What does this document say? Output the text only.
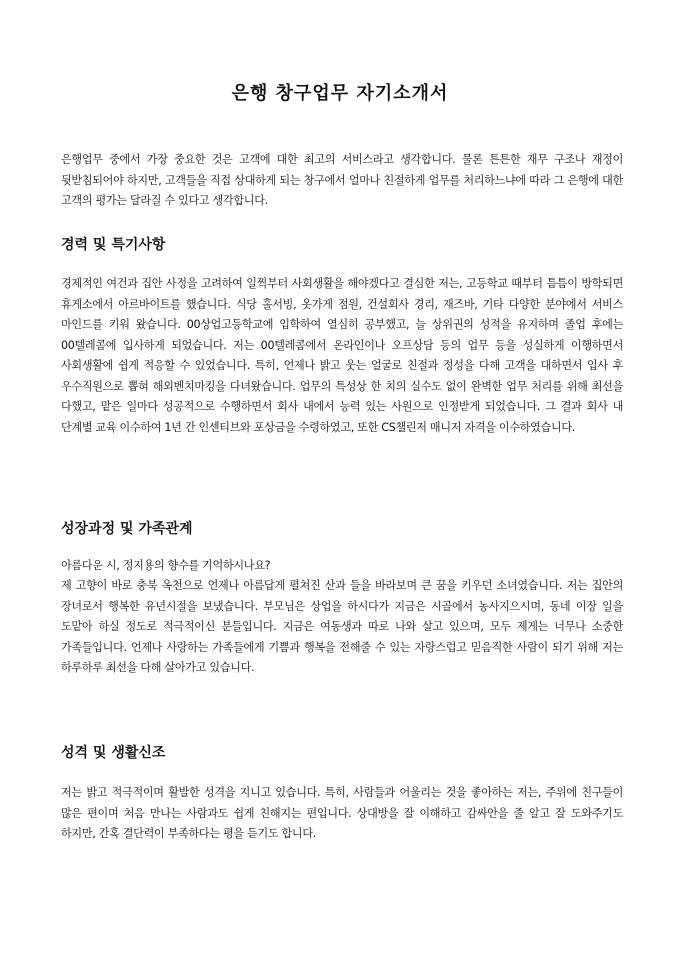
은행 창구업무 자기소개서

은행업무 중에서 가장 중요한 것은 고객에 대한 최고의 서비스라고 생각합니다. 물론 튼튼한 재무 구조나 재정이 뒷받침되어야 하지만, 고객들을 직접 상대하게 되는 창구에서 얼마나 친절하게 업무를 처리하느냐에 따라 그 은행에 대한 고객의 평가는 달라질 수 있다고 생각합니다.

경력 및 특기사항

경제적인 여건과 집안 사정을 고려하여 일찍부터 사회생활을 해야겠다고 결심한 저는, 고등학교 때부터 틈틈이 방학되면 휴게소에서 아르바이트를 했습니다. 식당 홀서빙, 옷가게 점원, 건설회사 경리, 재즈바, 기타 다양한 분야에서 서비스 마인드를 키워 왔습니다. 00상업고등학교에 입학하여 열심히 공부했고, 늘 상위권의 성적을 유지하며 졸업 후에는 00텔레콤에 입사하게 되었습니다. 저는 00텔레콤에서 온라인이나 오프상담 등의 업무 등을 성실하게 이행하면서 사회생활에 쉽게 적응할 수 있었습니다. 특히, 언제나 밝고 웃는 얼굴로 친절과 정성을 다해 고객을 대하면서 입사 후 우수직원으로 뽑혀 해외벤치마킹을 다녀왔습니다. 업무의 특성상 한 치의 실수도 없이 완벽한 업무 처리를 위해 최선을 다했고, 맡은 일마다 성공적으로 수행하면서 회사 내에서 능력 있는 사원으로 인정받게 되었습니다. 그 결과 회사 내 단계별 교육 이수하여 1년 간 인센티브와 포상금을 수령하였고, 또한 CS챌린저 매니저 자격을 이수하였습니다.

성장과정 및 가족관계

아름다운 시, 정지용의 향수를 기억하시나요?

제 고향이 바로 충북 옥천으로 언제나 아름답게 펼쳐진 산과 들을 바라보며 큰 꿈을 키우던 소녀였습니다. 저는 집안의 장녀로서 행복한 유년시절을 보냈습니다. 부모님은 상업을 하시다가 지금은 시골에서 농사지으시며, 동네 이장 일을 도맡아 하실 정도로 적극적이신 분들입니다. 지금은 여동생과 따로 나와 살고 있으며, 모두 제게는 너무나 소중한 가족들입니다. 언제나 사랑하는 가족들에게 기쁨과 행복을 전해줄 수 있는 자랑스럽고 믿음직한 사람이 되기 위해 저는 하루하루 최선을 다해 살아가고 있습니다.

성격 및 생활신조

저는 밝고 적극적이며 활발한 성격을 지니고 있습니다. 특히, 사람들과 어울리는 것을 좋아하는 저는, 주위에 친구들이 많은 편이며 처음 만나는 사람과도 쉽게 친해지는 편입니다. 상대방을 잘 이해하고 감싸안을 줄 알고 잘 도와주기도 하지만, 간혹 결단력이 부족하다는 평을 듣기도 합니다.
